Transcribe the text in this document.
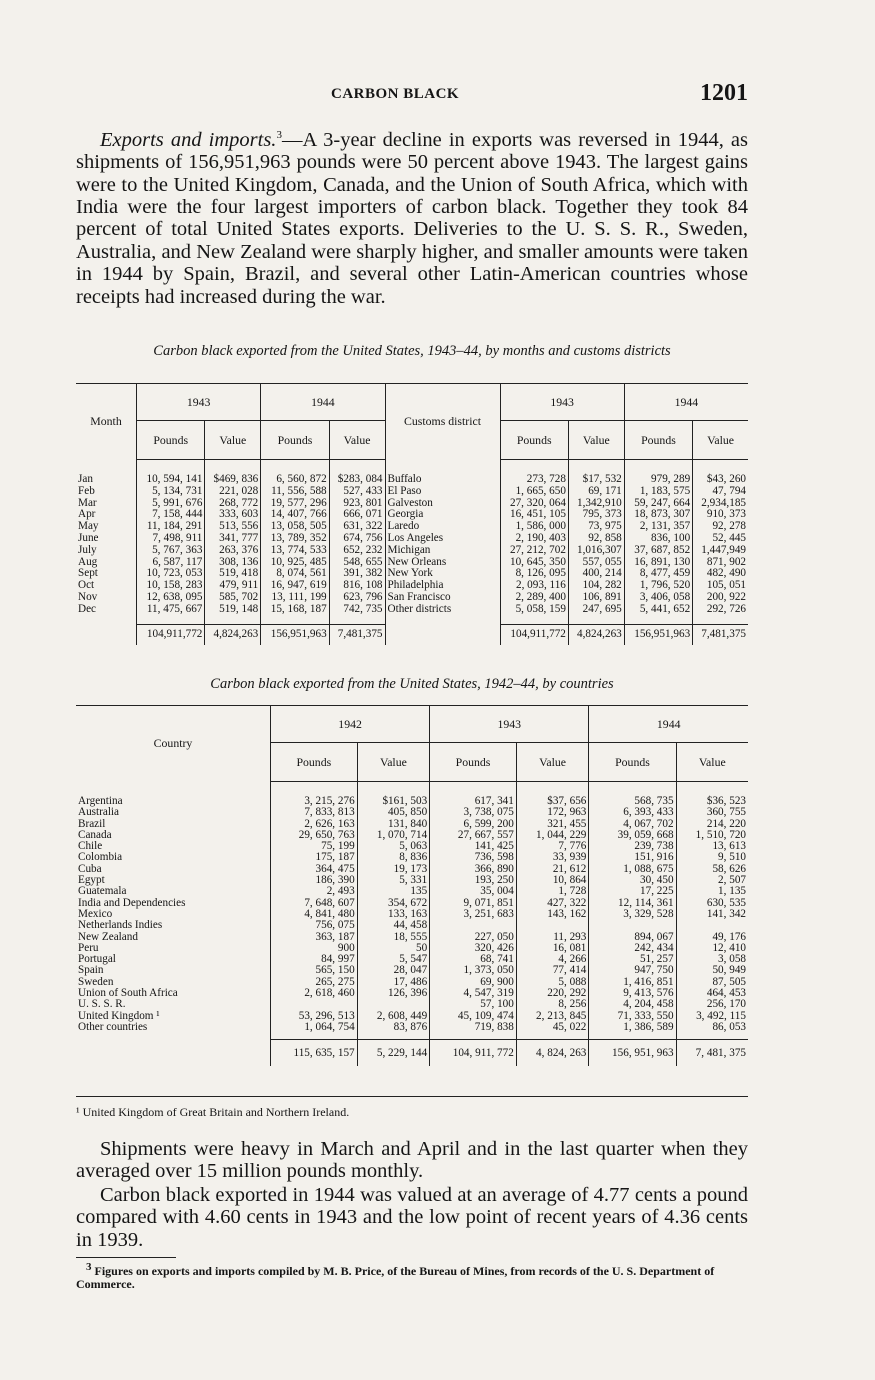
CARBON BLACK	1201

Exports and imports.$^3$—A 3-year decline in exports was reversed in 1944, as shipments of 156,951,963 pounds were 50 percent above 1943. The largest gains were to the United Kingdom, Canada, and the Union of South Africa, which with India were the four largest importers of carbon black. Together they took 84 percent of total United States exports. Deliveries to the U. S. S. R., Sweden, Australia, and New Zealand were sharply higher, and smaller amounts were taken in 1944 by Spain, Brazil, and several other Latin-American countries whose receipts had increased during the war.

Carbon black exported from the United States, 1943–44, by months and customs districts
Month	1943		1944		Customs district	1943		1944	
	Pounds	Value	Pounds	Value		Pounds	Value	Pounds	Value
Jan	10, 594, 141	$469, 836	6, 560, 872	$283, 084	Buffalo	273, 728	$17, 532	979, 289	$43, 260
Feb	5, 134, 731	221, 028	11, 556, 588	527, 433	El Paso	1, 665, 650	69, 171	1, 183, 575	47, 794
Mar	5, 991, 676	268, 772	19, 577, 296	923, 801	Galveston	27, 320, 064	1,342,910	59, 247, 664	2,934,185
Apr	7, 158, 444	333, 603	14, 407, 766	666, 071	Georgia	16, 451, 105	795, 373	18, 873, 307	910, 373
May	11, 184, 291	513, 556	13, 058, 505	631, 322	Laredo	1, 586, 000	73, 975	2, 131, 357	92, 278
June	7, 498, 911	341, 777	13, 789, 352	674, 756	Los Angeles	2, 190, 403	92, 858	836, 100	52, 445
July	5, 767, 363	263, 376	13, 774, 533	652, 232	Michigan	27, 212, 702	1,016,307	37, 687, 852	1,447,949
Aug	6, 587, 117	308, 136	10, 925, 485	548, 655	New Orleans	10, 645, 350	557, 055	16, 891, 130	871, 902
Sept	10, 723, 053	519, 418	8, 074, 561	391, 382	New York	8, 126, 095	400, 214	8, 477, 459	482, 490
Oct	10, 158, 283	479, 911	16, 947, 619	816, 108	Philadelphia	2, 093, 116	104, 282	1, 796, 520	105, 051
Nov	12, 638, 095	585, 702	13, 111, 199	623, 796	San Francisco	2, 289, 400	106, 891	3, 406, 058	200, 922
Dec	11, 475, 667	519, 148	15, 168, 187	742, 735	Other districts	5, 058, 159	247, 695	5, 441, 652	292, 726
	104,911,772	4,824,263	156,951,963	7,481,375		104,911,772	4,824,263	156,951,963	7,481,375
Carbon black exported from the United States, 1942–44, by countries
Country	1942		1943		1944	
	Pounds	Value	Pounds	Value	Pounds	Value
Argentina	3, 215, 276	$161, 503	617, 341	$37, 656	568, 735	$36, 523
Australia	7, 833, 813	405, 850	3, 738, 075	172, 963	6, 393, 433	360, 755
Brazil	2, 626, 163	131, 840	6, 599, 200	321, 455	4, 067, 702	214, 220
Canada	29, 650, 763	1, 070, 714	27, 667, 557	1, 044, 229	39, 059, 668	1, 510, 720
Chile	75, 199	5, 063	141, 425	7, 776	239, 738	13, 613
Colombia	175, 187	8, 836	736, 598	33, 939	151, 916	9, 510
Cuba	364, 475	19, 173	366, 890	21, 612	1, 088, 675	58, 626
Egypt	186, 390	5, 331	193, 250	10, 864	30, 450	2, 507
Guatemala	2, 493	135	35, 004	1, 728	17, 225	1, 135
India and Dependencies	7, 648, 607	354, 672	9, 071, 851	427, 322	12, 114, 361	630, 535
Mexico	4, 841, 480	133, 163	3, 251, 683	143, 162	3, 329, 528	141, 342
Netherlands Indies	756, 075	44, 458				
New Zealand	363, 187	18, 555	227, 050	11, 293	894, 067	49, 176
Peru	900	50	320, 426	16, 081	242, 434	12, 410
Portugal	84, 997	5, 547	68, 741	4, 266	51, 257	3, 058
Spain	565, 150	28, 047	1, 373, 050	77, 414	947, 750	50, 949
Sweden	265, 275	17, 486	69, 900	5, 088	1, 416, 851	87, 505
Union of South Africa	2, 618, 460	126, 396	4, 547, 319	220, 292	9, 413, 576	464, 453
U. S. S. R.			57, 100	8, 256	4, 204, 458	256, 170
United Kingdom ¹	53, 296, 513	2, 608, 449	45, 109, 474	2, 213, 845	71, 333, 550	3, 492, 115
Other countries	1, 064, 754	83, 876	719, 838	45, 022	1, 386, 589	86, 053
	115, 635, 157	5, 229, 144	104, 911, 772	4, 824, 263	156, 951, 963	7, 481, 375

¹ United Kingdom of Great Britain and Northern Ireland.

Shipments were heavy in March and April and in the last quarter when they averaged over 15 million pounds monthly.

Carbon black exported in 1944 was valued at an average of 4.77 cents a pound compared with 4.60 cents in 1943 and the low point of recent years of 4.36 cents in 1939.

$^3$ Figures on exports and imports compiled by M. B. Price, of the Bureau of Mines, from records of the U. S. Department of Commerce.
